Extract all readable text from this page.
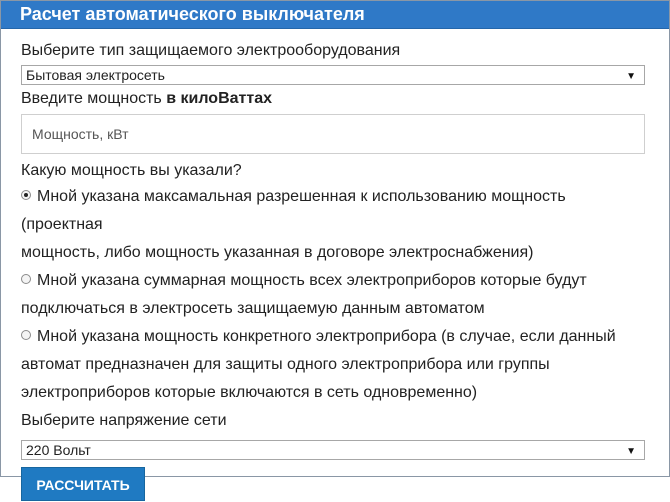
Расчет автоматического выключателя
Выберите тип защищаемого электрооборудования
Бытовая электросеть	▼
Введите мощность в килоВаттах
Мощность, кВт
Какую мощность вы указали?
Мной указана максамальная разрешенная к использованию мощность (проектная
мощность, либо мощность указанная в договоре электроснабжения)
Мной указана суммарная мощность всех электроприборов которые будут
подключаться в электросеть защищаемую данным автоматом
Мной указана мощность конкретного электроприбора (в случае, если данный
автомат предназначен для защиты одного электроприбора или группы
электроприборов которые включаются в сеть одновременно)
Выберите напряжение сети
220 Вольт	▼
РАССЧИТАТЬ
